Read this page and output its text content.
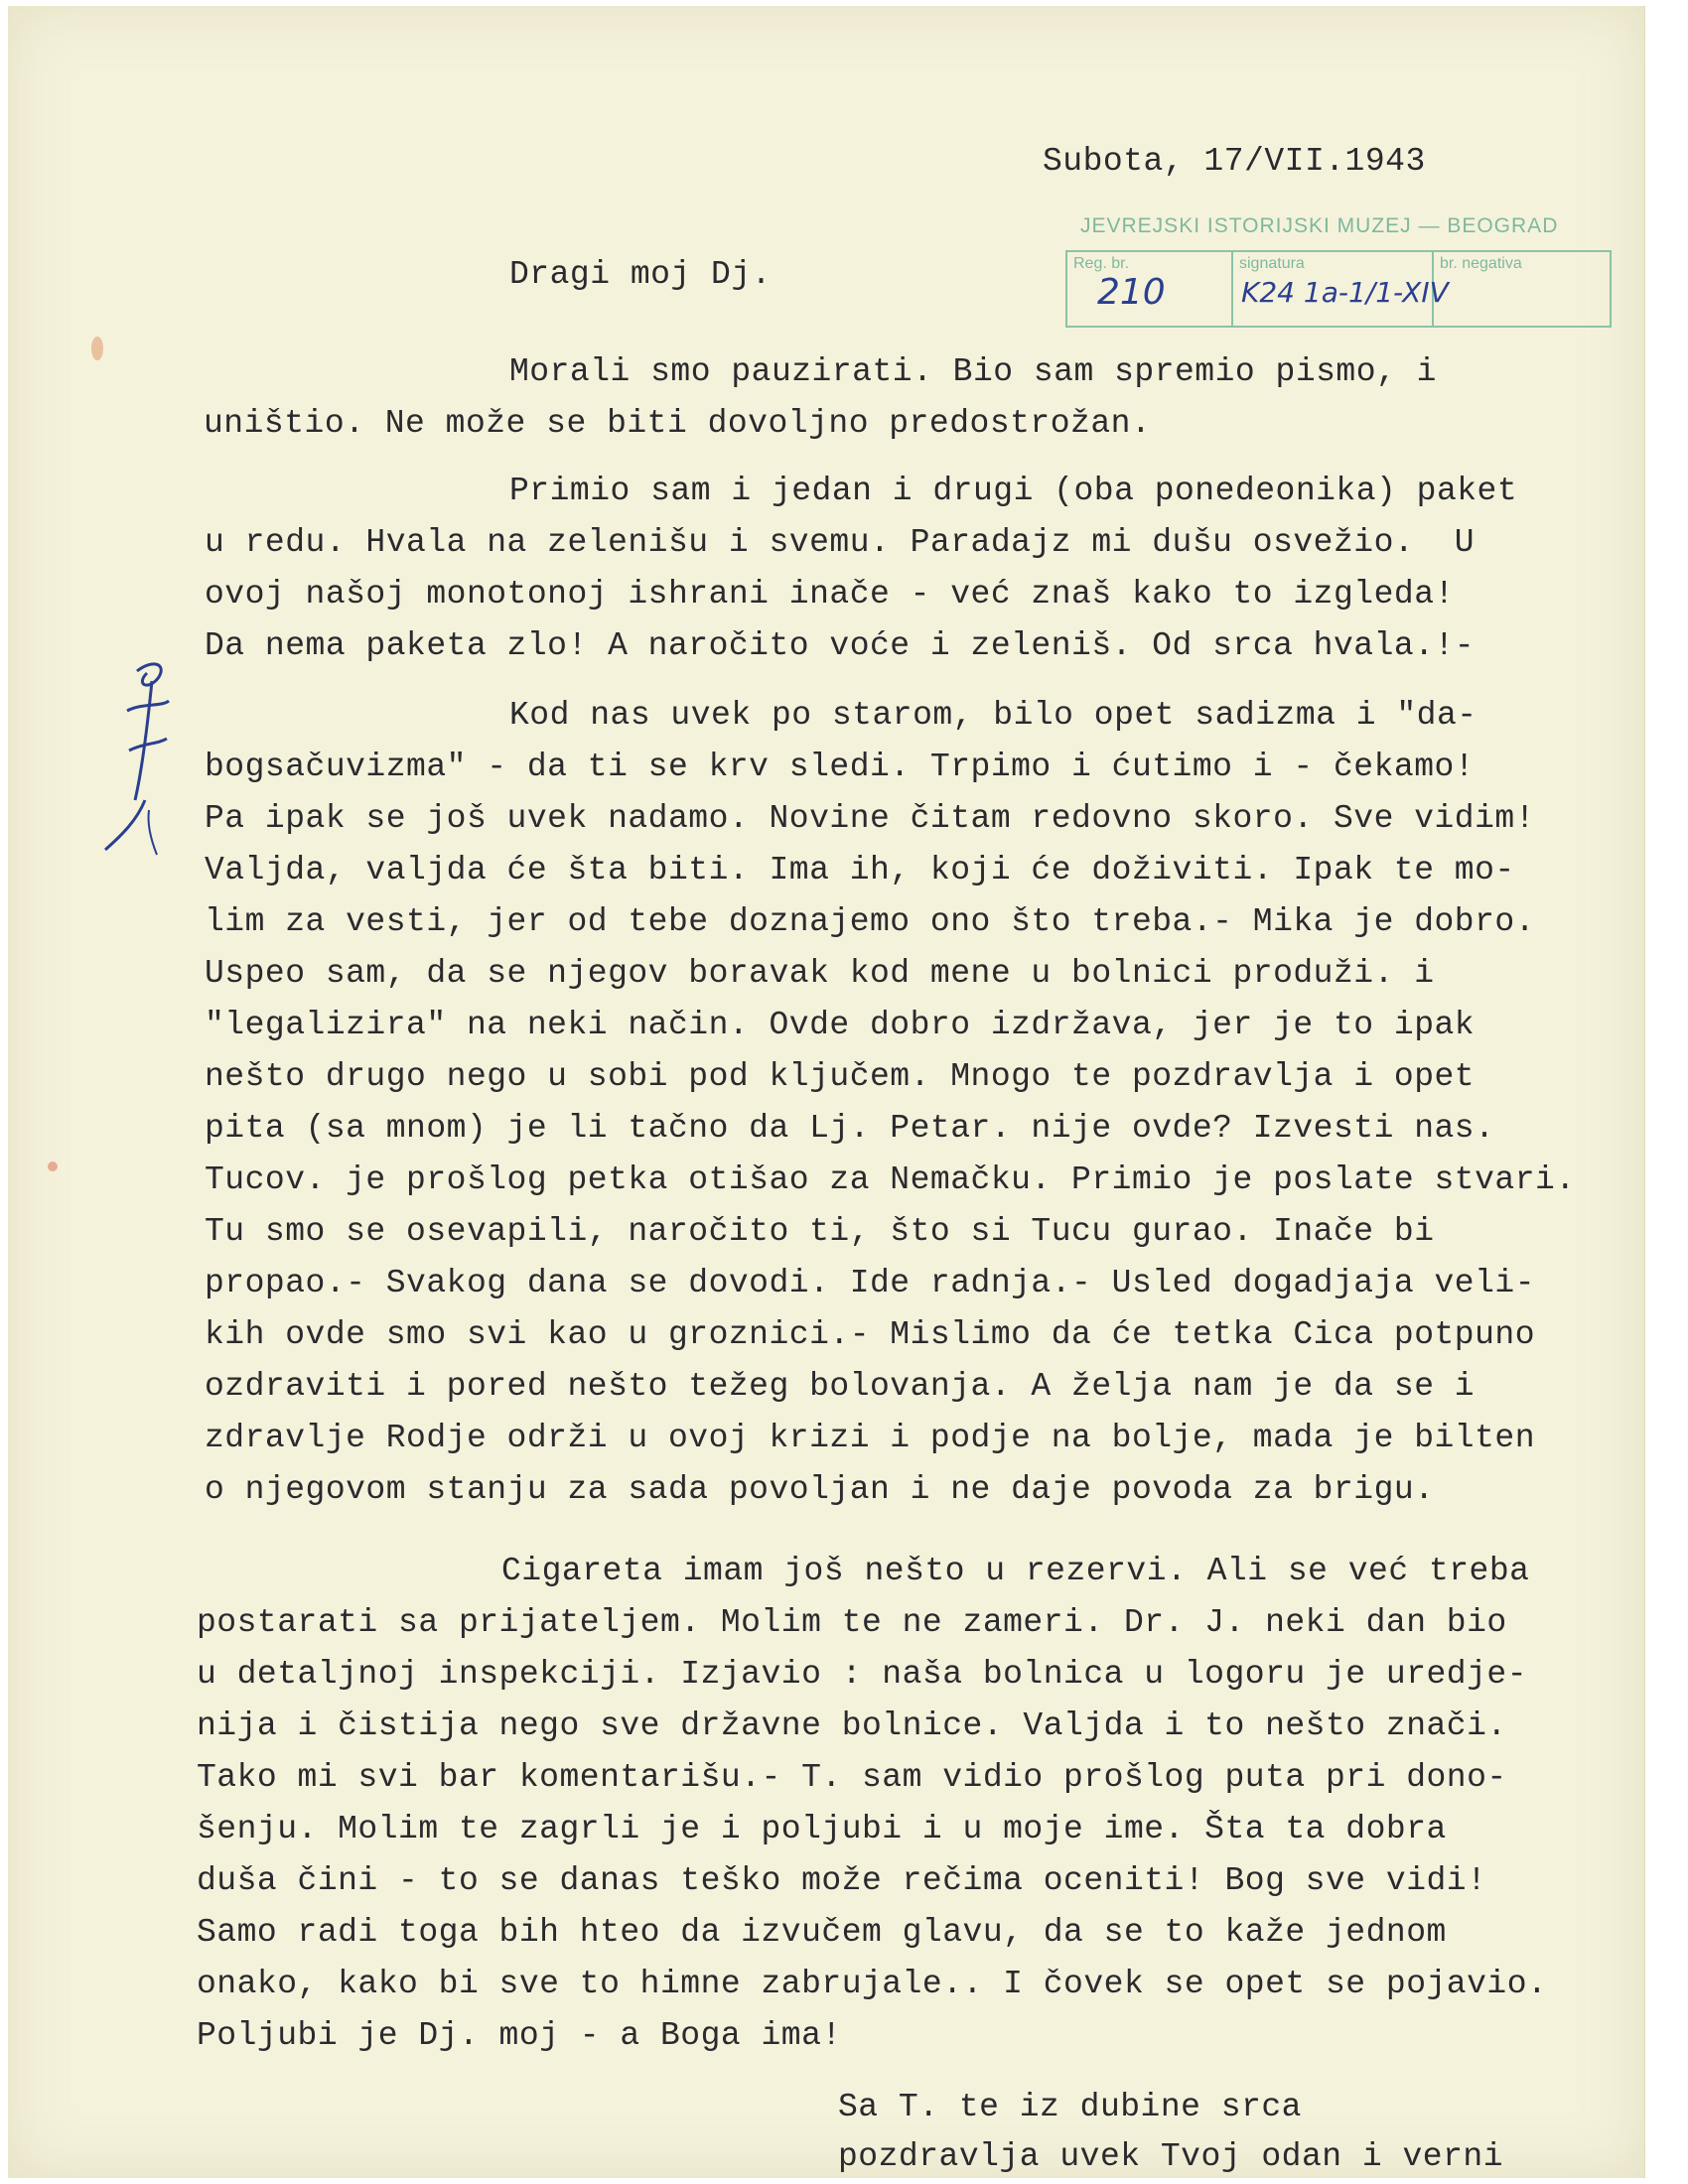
Subota, 17/VII.1943
JEVREJSKI ISTORIJSKI MUZEJ — BEOGRAD
Reg. br.
210
signatura
K24 1a-1/1-XIV
br. negativa
Dragi moj Dj.
Morali smo pauzirati. Bio sam spremio pismo, i
uništio. Ne može se biti dovoljno predostrožan.
Primio sam i jedan i drugi (oba ponedeonika) paket
u redu. Hvala na zelenišu i svemu. Paradajz mi dušu osvežio.  U
ovoj našoj monotonoj ishrani inače - već znaš kako to izgleda!
Da nema paketa zlo! A naročito voće i zeleniš. Od srca hvala.!-
Kod nas uvek po starom, bilo opet sadizma i "da-
bogsačuvizma" - da ti se krv sledi. Trpimo i ćutimo i - čekamo!
Pa ipak se još uvek nadamo. Novine čitam redovno skoro. Sve vidim!
Valjda, valjda će šta biti. Ima ih, koji će doživiti. Ipak te mo-
lim za vesti, jer od tebe doznajemo ono što treba.- Mika je dobro.
Uspeo sam, da se njegov boravak kod mene u bolnici produži. i
"legalizira" na neki način. Ovde dobro izdržava, jer je to ipak
nešto drugo nego u sobi pod ključem. Mnogo te pozdravlja i opet
pita (sa mnom) je li tačno da Lj. Petar. nije ovde? Izvesti nas.
Tucov. je prošlog petka otišao za Nemačku. Primio je poslate stvari.
Tu smo se osevapili, naročito ti, što si Tucu gurao. Inače bi
propao.- Svakog dana se dovodi. Ide radnja.- Usled dogadjaja veli-
kih ovde smo svi kao u groznici.- Mislimo da će tetka Cica potpuno
ozdraviti i pored nešto težeg bolovanja. A želja nam je da se i
zdravlje Rodje održi u ovoj krizi i podje na bolje, mada je bilten
o njegovom stanju za sada povoljan i ne daje povoda za brigu.
Cigareta imam još nešto u rezervi. Ali se već treba
postarati sa prijateljem. Molim te ne zameri. Dr. J. neki dan bio
u detaljnoj inspekciji. Izjavio : naša bolnica u logoru je uredje-
nija i čistija nego sve državne bolnice. Valjda i to nešto znači.
Tako mi svi bar komentarišu.- T. sam vidio prošlog puta pri dono-
šenju. Molim te zagrli je i poljubi i u moje ime. Šta ta dobra
duša čini - to se danas teško može rečima oceniti! Bog sve vidi!
Samo radi toga bih hteo da izvučem glavu, da se to kaže jednom
onako, kako bi sve to himne zabrujale.. I čovek se opet se pojavio.
Poljubi je Dj. moj - a Boga ima!
Sa T. te iz dubine srca
pozdravlja uvek Tvoj odan i verni
